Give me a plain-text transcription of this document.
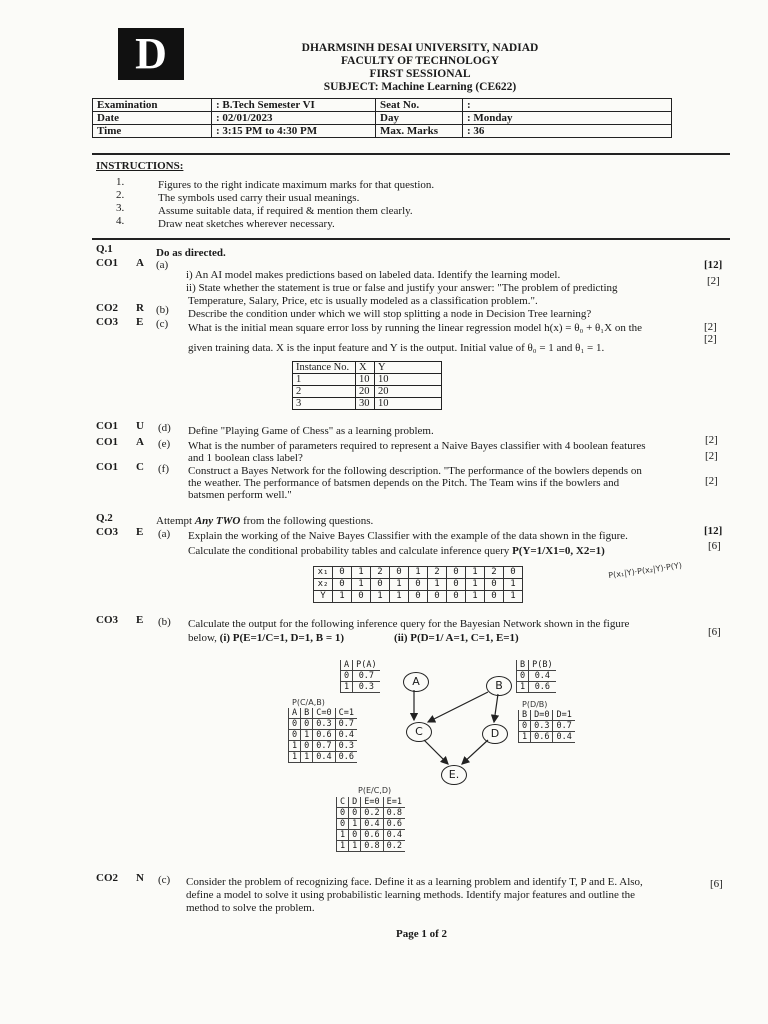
D	DHARMSINH DESAI UNIVERSITY, NADIAD
FACULTY OF TECHNOLOGY
FIRST SESSIONAL
SUBJECT: Machine Learning (CE622)
Examination	: B.Tech Semester VI	Seat No.	:
Date	: 02/01/2023	Day	: Monday
Time	: 3:15 PM to 4:30 PM	Max. Marks	: 36
INSTRUCTIONS:
1.	Figures to the right indicate maximum marks for that question.
2.	The symbols used carry their usual meanings.
3.	Assume suitable data, if required & mention them clearly.
4.	Draw neat sketches wherever necessary.
Q.1	Do as directed.
[12]
CO1 A (a)
i) An AI model makes predictions based on labeled data. Identify the learning model.
ii) State whether the statement is true or false and justify your answer: "The problem of predicting
Temperature, Salary, Price, etc is usually modeled as a classification problem.".
[2]
CO2 R (b) Describe the condition under which we will stop splitting a node in Decision Tree learning?
[2]
CO3 E (c) What is the initial mean square error loss by running the linear regression model h(x) = θ₀ + θ₁X on the
given training data. X is the input feature and Y is the output. Initial value of θ₀ = 1 and θ₁ = 1.
[2]
Instance No.	X	Y
1	10	10
2	20	20
3	30	10
CO1 U (d) Define "Playing Game of Chess" as a learning problem.
CO1 A (e) What is the number of parameters required to represent a Naive Bayes classifier with 4 boolean features
and 1 boolean class label?
[2]
[2]
CO1 C (f) Construct a Bayes Network for the following description. "The performance of the bowlers depends on
the weather. The performance of batsmen depends on the Pitch. The Team wins if the bowlers and
batsmen perform well."
[2]
Q.2	Attempt Any TWO from the following questions.
[12]
CO3 E (a) Explain the working of the Naive Bayes Classifier with the example of the data shown in the figure.
Calculate the conditional probability tables and calculate inference query P(Y=1/X1=0, X2=1)	[6]
x₁	0	1	2	0	1	2	0	1	2	0
x₂	0	1	0	1	0	1	0	1	0	1
Y	1	0	1	1	0	0	0	1	0	1
P(x₁|Y)·P(x₂|Y)·P(Y)
CO3 E (b) Calculate the output for the following inference query for the Bayesian Network shown in the figure
below, (i) P(E=1/C=1, D=1, B = 1)	(ii) P(D=1/ A=1, C=1, E=1)	[6]
A	B
C	D
E.
A	P(A)
0	0.7
1	0.3
B	P(B)
0	0.4
1	0.6
P(C/A,B)
A	B	C=0	C=1
0	0	0.3	0.7
0	1	0.6	0.4
1	0	0.7	0.3
1	1	0.4	0.6
P(D/B)
B	D=0	D=1
0	0.3	0.7
1	0.6	0.4
P(E/C,D)
C	D	E=0	E=1
0	0	0.2	0.8
0	1	0.4	0.6
1	0	0.6	0.4
1	1	0.8	0.2
CO2 N (c) Consider the problem of recognizing face. Define it as a learning problem and identify T, P and E. Also,
define a model to solve it using probabilistic learning methods. Identify major features and outline the
method to solve the problem.
[6]
Page 1 of 2
